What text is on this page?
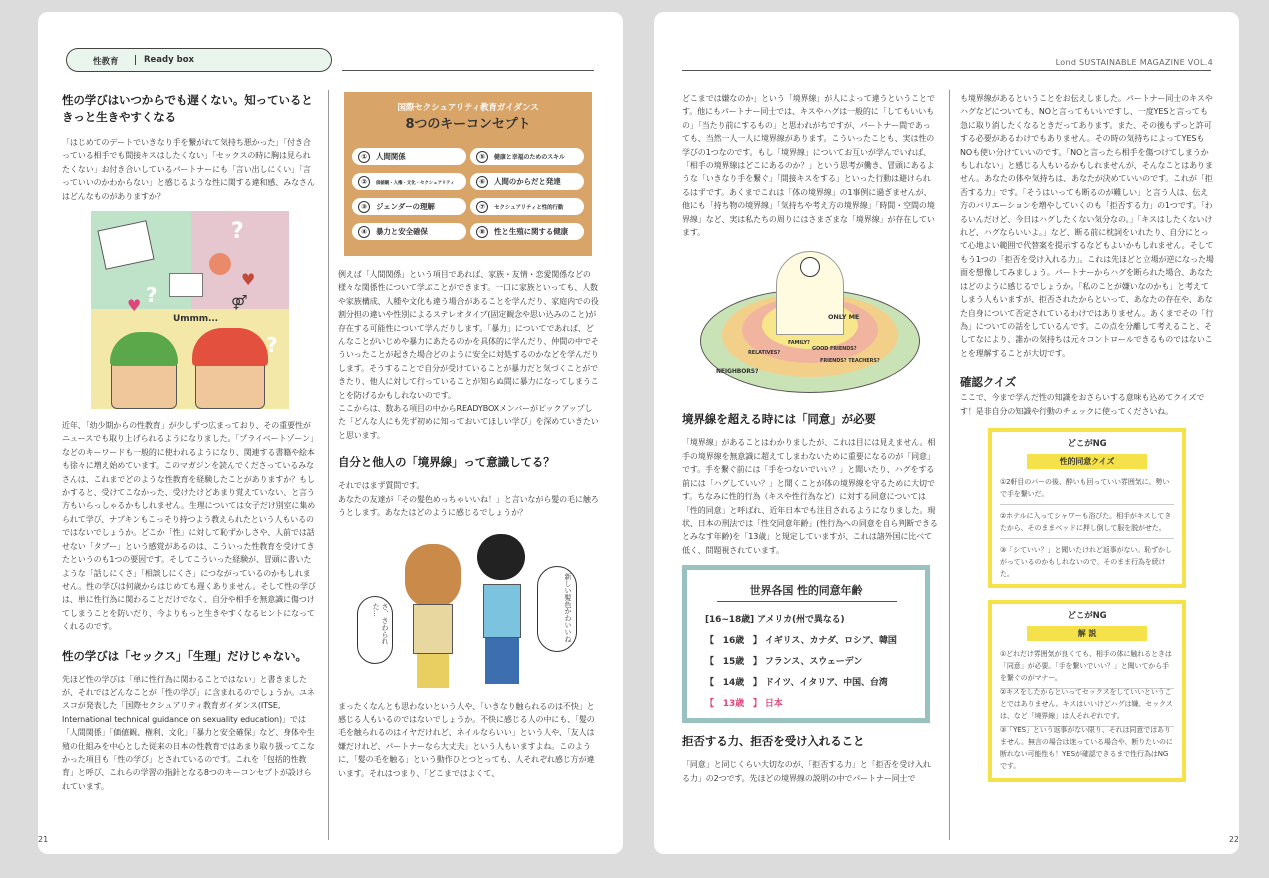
性教育	Ready box
性の学びはいつからでも遅くない。知っているときっと生きやすくなる

「はじめてのデートでいきなり手を繋がれて気持ち悪かった」「付き合っている相手でも間接キスはしたくない」「セックスの時に胸は見られたくない」お付き合いしているパートナーにも「言い出しにくい」「言っていいのかわからない」と感じるような性に関する違和感、みなさんはどんなものがありますか？

?
?
?
♥
♥
⚤
Ummm...

近年、「幼少期からの性教育」が少しずつ広まっており、その重要性がニュースでも取り上げられるようになりました。「プライベートゾーン」などのキーワードも一般的に使われるようになり、関連する書籍や絵本も徐々に増え始めています。このマガジンを読んでくださっているみなさんは、これまでどのような性教育を経験したことがありますか？もしかすると、受けてこなかった、受けたけどあまり覚えていない、と言う方もいらっしゃるかもしれません。生理については女子だけ別室に集められて学び、ナプキンもこっそり持つよう教えられたという人もいるのではないでしょうか。どこか「性」に対して恥ずかしさや、人前では話せない「タブー」という感覚があるのは、こういった性教育を受けてきたというのも1つの要因です。そしてこういった経験が、冒頭に書いたような「話しにくさ」「相談しにくさ」につながっているのかもしれません。性の学びは何歳からはじめても遅くありません。そして性の学びは、単に性行為に関わることだけでなく、自分や相手を無意識に傷つけてしまうことを防いだり、今よりもっと生きやすくなるヒントになってくれるのです。

性の学びは「セックス」「生理」だけじゃない。

先ほど性の学びは「単に性行為に関わることではない」と書きましたが、それではどんなことが「性の学び」に含まれるのでしょうか。ユネスコが発表した「国際セクシュアリティ教育ガイダンス(ITSE, International technical guidance on sexuality education)」では「人間関係」「価値観、権利、文化」「暴力と安全確保」など、身体や生殖の仕組みを中心とした従来の日本の性教育ではあまり取り扱ってこなかった項目も「性の学び」とされているのです。これを「包括的性教育」と呼び、これらの学習の指針となる8つのキーコンセプトが設けられています。

国際セクシュアリティ教育ガイダンス
8つのキーコンセプト
① 人間関係	⑤ 健康と幸福のためのスキル
② 価値観・人権・文化・セクシュアリティ	⑥ 人間のからだと発達
③ ジェンダーの理解	⑦ セクシュアリティと性的行動
④ 暴力と安全確保	⑧ 性と生殖に関する健康

例えば「人間関係」という項目であれば、家族・友情・恋愛関係などの様々な関係性について学ぶことができます。一口に家族といっても、人数や家族構成、人種や文化も違う場合があることを学んだり、家庭内での役割分担の違いや性別によるステレオタイプ(固定観念や思い込みのこと)が存在する可能性について学んだりします。「暴力」についてであれば、どんなことがいじめや暴力にあたるのかを具体的に学んだり、仲間の中でそういったことが起きた場合どのように安全に対処するのかなどを学んだりします。そうすることで自分が受けていることが暴力だと気づくことができたり、他人に対して行っていることが知らぬ間に暴力になってしまうことを防げるかもしれないのです。

ここからは、数ある項目の中からREADYBOXメンバーがピックアップした「どんな人にも先ず初めに知っておいてほしい学び」を深めていきたいと思います。

自分と他人の「境界線」って意識してる？

それではまず質問です。

あなたの友達が「その髪色めっちゃいいね！」と言いながら髪の毛に触ろうとします。あなたはどのように感じるでしょうか？

新しい髪色かわいいね
さ、さわられた…

まったくなんとも思わないという人や、「いきなり触られるのは不快」と感じる人もいるのではないでしょうか。不快に感じる人の中にも、「髪の毛を触られるのはイヤだけれど、ネイルならいい」という人や、「友人は嫌だけれど、パートナーなら大丈夫」という人もいますよね。このように、「髪の毛を触る」という動作ひとつとっても、人それぞれ感じ方が違います。それはつまり、「どこまではよくて、

21
Lond SUSTAINABLE MAGAZINE VOL.4

どこまでは嫌なのか」という「境界線」が人によって違うということです。他にもパートナー同士では、キスやハグは一般的に「してもいいもの」「当たり前にするもの」と思われがちですが、パートナー間であっても、当然一人一人に境界線があります。こういったことも、実は性の学びの1つなのです。もし「境界線」についてお互いが学んでいれば、「相手の境界線はどこにあるのか？」という思考が働き、冒頭にあるような「いきなり手を繋ぐ」「間接キスをする」といった行動は避けられるはずです。あくまでこれは「体の境界線」の1事例に過ぎませんが、他にも「持ち物の境界線」「気持ちや考え方の境界線」「時間・空間の境界線」など、実は私たちの周りにはさまざまな「境界線」が存在しています。

ONLY ME
FAMILY?
GOOD FRIENDS?
RELATIVES?
FRIENDS? TEACHERS?
NEIGHBORS?
境界線を超える時には「同意」が必要

「境界線」があることはわかりましたが、これは目には見えません。相手の境界線を無意識に超えてしまわないために重要になるのが「同意」です。手を繋ぐ前には「手をつないでいい？」と聞いたり、ハグをする前には「ハグしていい？」と聞くことが体の境界線を守るために大切です。ちなみに性的行為（キスや性行為など）に対する同意については「性的同意」と呼ばれ、近年日本でも注目されるようになりました。現状、日本の刑法では「性交同意年齢」(性行為への同意を自ら判断できるとみなす年齢)を「13歳」と規定していますが、これは諸外国に比べて低く、問題視されています。

世界各国 性的同意年齢
[16~18歳] アメリカ(州で異なる)
【　16歳　】 イギリス、カナダ、ロシア、韓国
【　15歳　】 フランス、スウェーデン
【　14歳　】 ドイツ、イタリア、中国、台湾
【　13歳　】 日本
拒否する力、拒否を受け入れること

「同意」と同じくらい大切なのが、「拒否する力」と「拒否を受け入れる力」の2つです。先ほどの境界線の説明の中でパートナー同士で

も境界線があるということをお伝えしました。パートナー同士のキスやハグなどについても、NOと言ってもいいですし、一度YESと言っても急に取り消したくなるときだってあります。また、その後もずっと許可する必要があるわけでもありません。その時の気持ちによってYESもNOも使い分けていいのです。「NOと言ったら相手を傷つけてしまうかもしれない」と感じる人もいるかもしれませんが、そんなことはありません。あなたの体や気持ちは、あなたが決めていいのです。これが「拒否する力」です。「そうはいっても断るのが難しい」と言う人は、伝え方のバリエーションを増やしていくのも「拒否する力」の1つです。「わるいんだけど、今日はハグしたくない気分なの。」「キスはしたくないけれど、ハグならいいよ。」など、断る前に枕詞をいれたり、自分にとって心地よい範囲で代替案を提示するなどもよいかもしれません。そしてもう1つの「拒否を受け入れる力」。これは先ほどと立場が逆になった場面を想像してみましょう。パートナーからハグを断られた場合、あなたはどのように感じるでしょうか。「私のことが嫌いなのかも」と考えてしまう人もいますが、拒否されたからといって、あなたの存在や、あなた自身について否定されているわけではありません。あくまでその「行為」についての話をしているんです。この点を分離して考えること、そしてなにより、誰かの気持ちは元々コントロールできるものではないことを理解することが大切です。

確認クイズ

ここで、今まで学んだ性の知識をおさらいする意味も込めてクイズです！是非自分の知識や行動のチェックに使ってくださいね。

どこがNG
性的同意クイズ
①2軒目のバーの後、酔いも回っていい雰囲気に。勢いで手を繋いだ。
②ホテルに入ってシャワーも浴びた。相手がキスしてきたから、そのままベッドに押し倒して服を脱がせた。
③「シていい？」と聞いたけれど返事がない。恥ずかしがっているのかもしれないので、そのまま行為を続けた。
どこがNG
解 説
①どれだけ雰囲気が良くても、相手の体に触れるときは「同意」が必要。「手を繋いでいい？」と聞いてから手を繋ぐのがマナー。
②キスをしたからといってセックスをしていいということではありません。キスはいいけどハグは嫌、セックスは、など「境界線」は人それぞれです。
③「YES」という返事がない限り、それは同意ではありません。無言の場合は迷っている場合や、断りたいのに断れない可能性も！YESが確認できるまで性行為はNGです。
22
